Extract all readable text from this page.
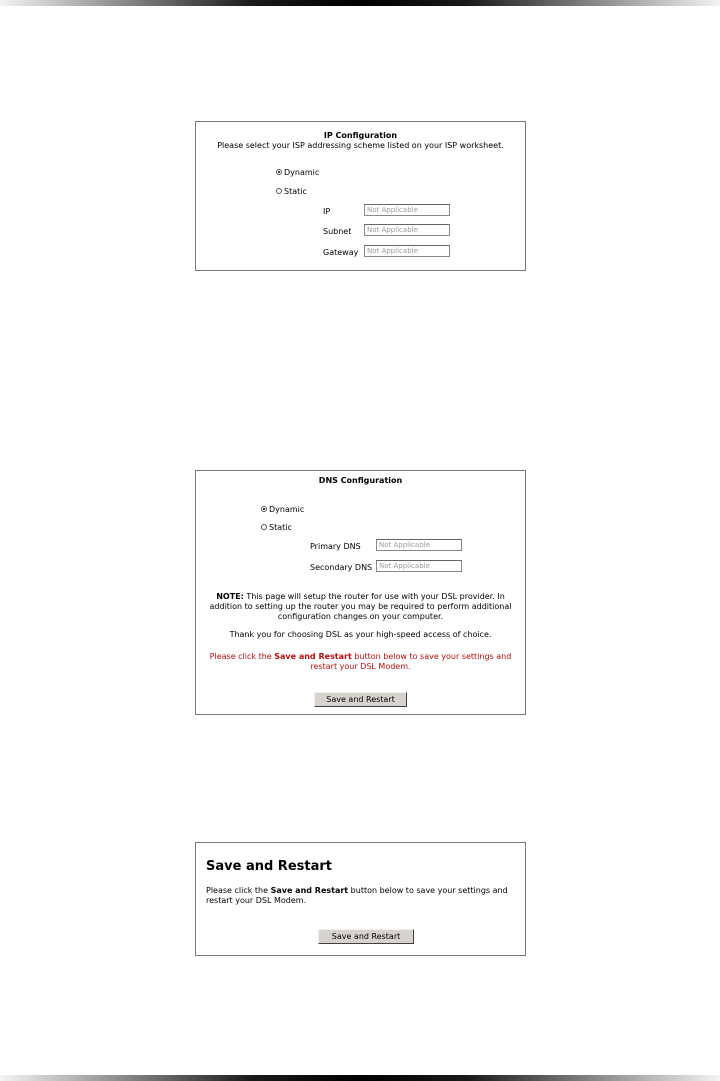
IP Configuration
Please select your ISP addressing scheme listed on your ISP worksheet.
Dynamic
Static
IP
Not Applicable
Subnet
Not Applicable
Gateway
Not Applicable
DNS Configuration
Dynamic
Static
Primary DNS
Not Applicable
Secondary DNS
Not Applicable
NOTE: This page will setup the router for use with your DSL provider. In
addition to setting up the router you may be required to perform additional
configuration changes on your computer.
Thank you for choosing DSL as your high-speed access of choice.
Please click the Save and Restart button below to save your settings and
restart your DSL Modem.
Save and Restart
Save and Restart
Please click the Save and Restart button below to save your settings and
restart your DSL Modem.
Save and Restart
